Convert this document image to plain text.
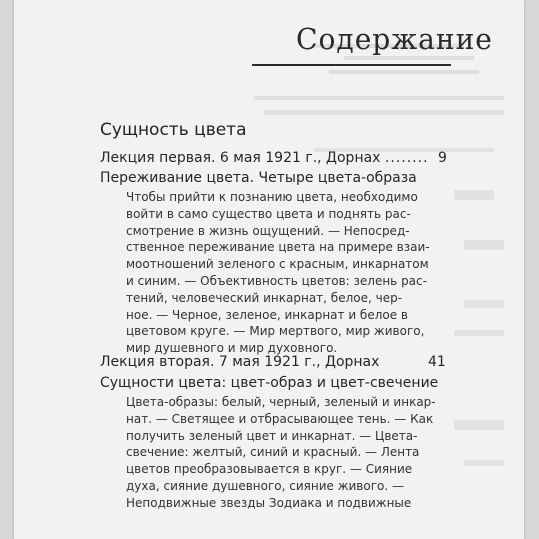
Содержание
Сущность цвета
Лекция первая. 6 мая 1921 г., Дорнах ........ 9
Переживание цвета. Четыре цвета-образа
Чтобы прийти к познанию цвета, необходимо
войти в само существо цвета и поднять рас-
смотрение в жизнь ощущений. — Непосред-
ственное переживание цвета на примере взаи-
моотношений зеленого с красным, инкарнатом
и синим. — Объективность цветов: зелень рас-
тений, человеческий инкарнат, белое, чер-
ное. — Черное, зеленое, инкарнат и белое в
цветовом круге. — Мир мертвого, мир живого,
мир душевного и мир духовного.
Лекция вторая. 7 мая 1921 г., Дорнах	41
Сущности цвета: цвет-образ и цвет-свечение
Цвета-образы: белый, черный, зеленый и инкар-
нат. — Светящее и отбрасывающее тень. — Как
получить зеленый цвет и инкарнат. — Цвета-
свечение: желтый, синий и красный. — Лента
цветов преобразовывается в круг. — Сияние
духа, сияние душевного, сияние живого. —
Неподвижные звезды Зодиака и подвижные
